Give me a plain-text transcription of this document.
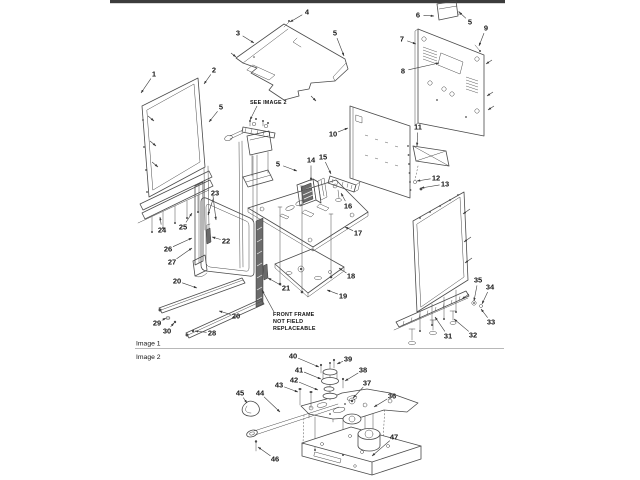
SEE IMAGE 2
FRONT FRAME
NOT FIELD
REPLACEABLE
Image 1
Image 2
1	2
3
4
5
5
5
5
6
7
8
9
10
11
12
13
14 15
16
17
18
19
20
20
21
22
23
24 25
26
27
28
29
30
31 32
33
34
35
36
37
38
39
40
41
42
43
44
45
46
47
